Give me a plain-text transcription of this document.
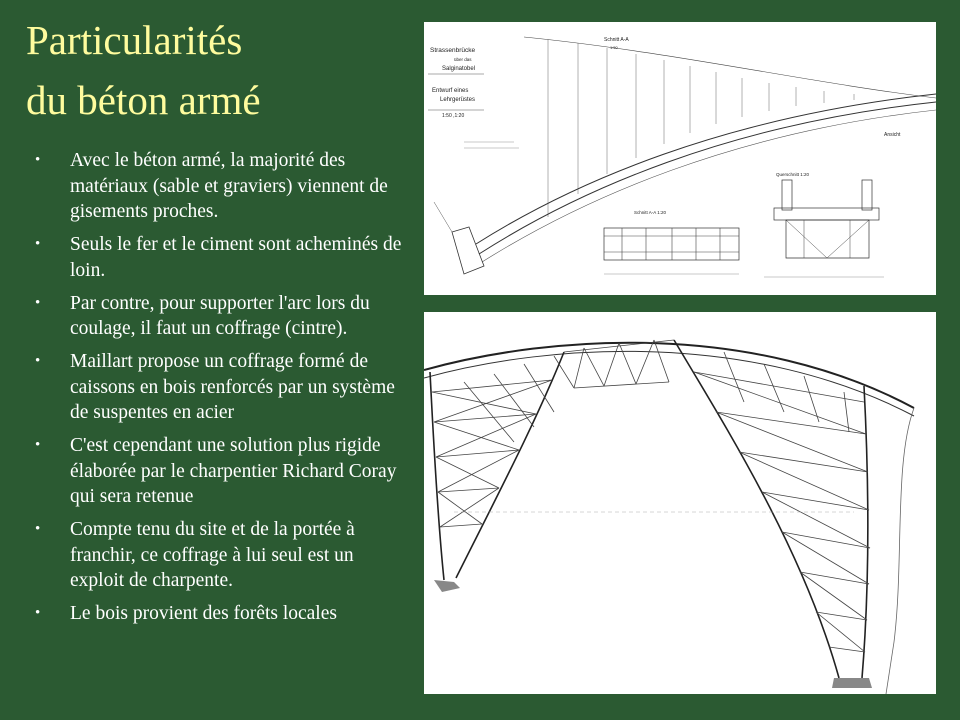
Particularités
du béton armé
• Avec le béton armé, la majorité des matériaux (sable et graviers) viennent de gisements proches.
• Seuls le fer et le ciment sont acheminés de loin.
• Par contre, pour supporter l'arc lors du coulage, il faut un coffrage (cintre).
• Maillart propose un coffrage formé de caissons en bois renforcés par un système de suspentes en acier
• C'est cependant une solution plus rigide élaborée par le charpentier Richard Coray qui sera retenue
• Compte tenu du site et de la portée à franchir, ce coffrage à lui seul est un exploit de charpente.
• Le bois provient des forêts locales
Strassenbrücke
über das
Salginatobel
Entwurf eines
Lehrgerüstes
1:50 ,1:20
Schnitt A-A
1:50
Ansicht
Schnitt A-A 1:20
Querschnitt 1:20
